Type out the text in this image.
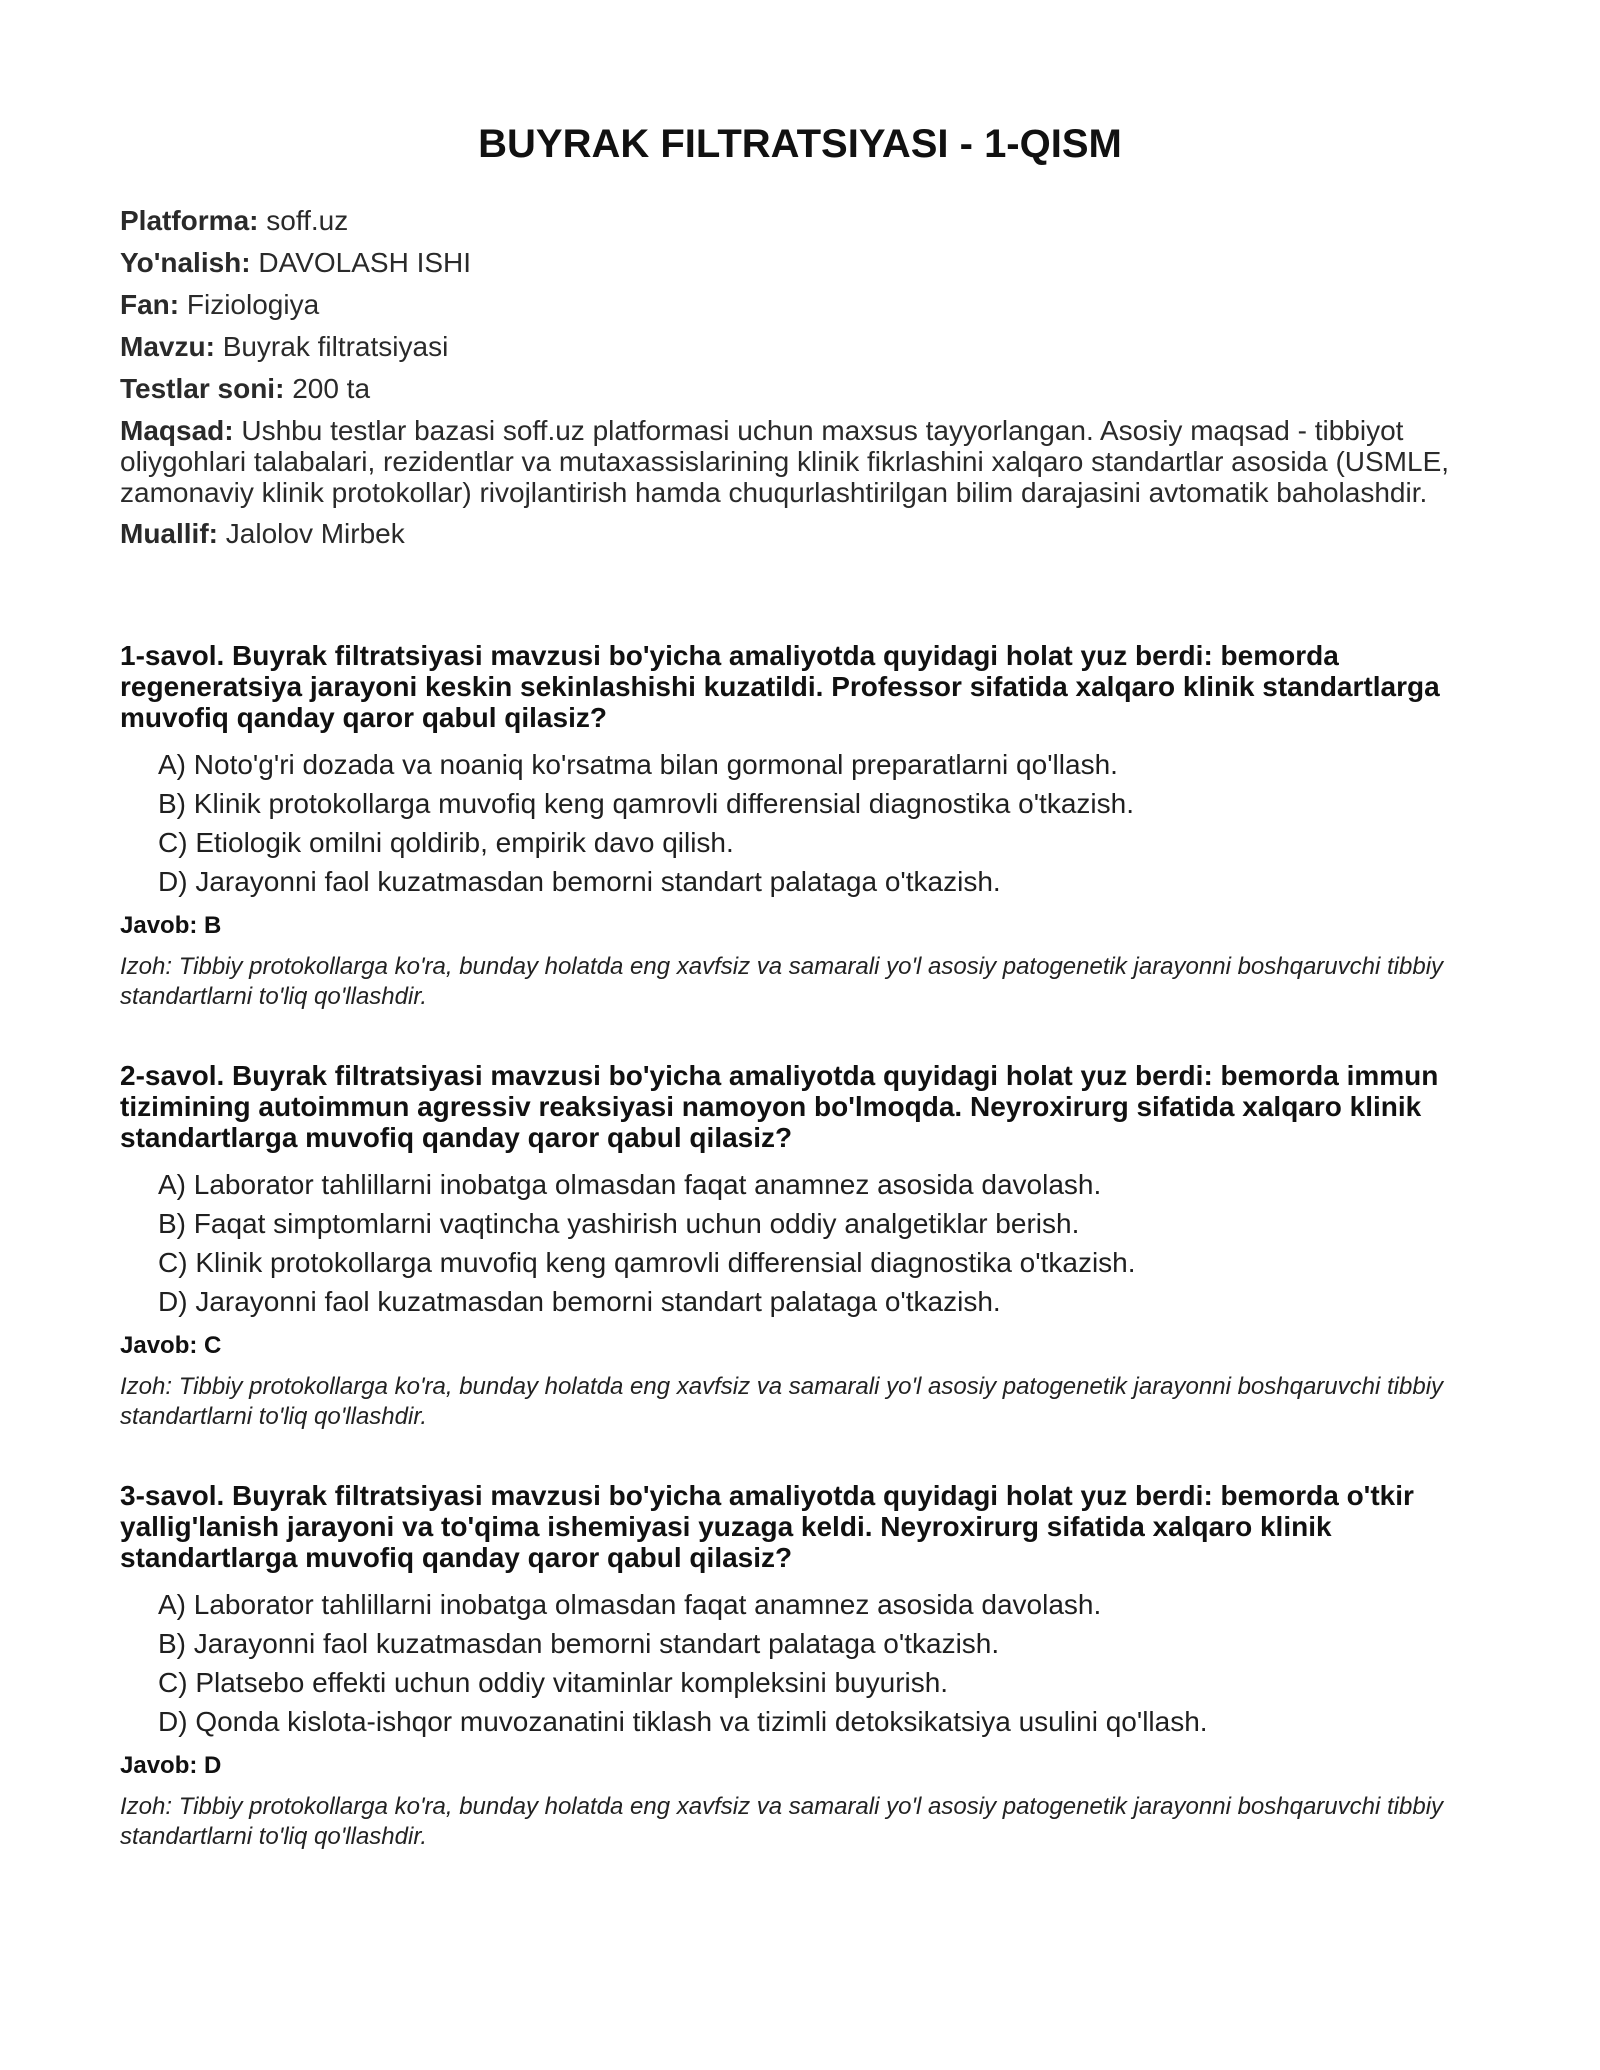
BUYRAK FILTRATSIYASI - 1-QISM

Platforma: soff.uz

Yo'nalish: DAVOLASH ISHI

Fan: Fiziologiya

Mavzu: Buyrak filtratsiyasi

Testlar soni: 200 ta

Maqsad: Ushbu testlar bazasi soff.uz platformasi uchun maxsus tayyorlangan. Asosiy maqsad - tibbiyot oliygohlari talabalari, rezidentlar va mutaxassislarining klinik fikrlashini xalqaro standartlar asosida (USMLE, zamonaviy klinik protokollar) rivojlantirish hamda chuqurlashtirilgan bilim darajasini avtomatik baholashdir.

Muallif: Jalolov Mirbek

1-savol. Buyrak filtratsiyasi mavzusi bo'yicha amaliyotda quyidagi holat yuz berdi: bemorda regeneratsiya jarayoni keskin sekinlashishi kuzatildi. Professor sifatida xalqaro klinik standartlarga muvofiq qanday qaror qabul qilasiz?

A) Noto'g'ri dozada va noaniq ko'rsatma bilan gormonal preparatlarni qo'llash.
B) Klinik protokollarga muvofiq keng qamrovli differensial diagnostika o'tkazish.
C) Etiologik omilni qoldirib, empirik davo qilish.
D) Jarayonni faol kuzatmasdan bemorni standart palataga o'tkazish.

Javob: B

Izoh: Tibbiy protokollarga ko'ra, bunday holatda eng xavfsiz va samarali yo'l asosiy patogenetik jarayonni boshqaruvchi tibbiy standartlarni to'liq qo'llashdir.

2-savol. Buyrak filtratsiyasi mavzusi bo'yicha amaliyotda quyidagi holat yuz berdi: bemorda immun tizimining autoimmun agressiv reaksiyasi namoyon bo'lmoqda. Neyroxirurg sifatida xalqaro klinik standartlarga muvofiq qanday qaror qabul qilasiz?

A) Laborator tahlillarni inobatga olmasdan faqat anamnez asosida davolash.
B) Faqat simptomlarni vaqtincha yashirish uchun oddiy analgetiklar berish.
C) Klinik protokollarga muvofiq keng qamrovli differensial diagnostika o'tkazish.
D) Jarayonni faol kuzatmasdan bemorni standart palataga o'tkazish.

Javob: C

Izoh: Tibbiy protokollarga ko'ra, bunday holatda eng xavfsiz va samarali yo'l asosiy patogenetik jarayonni boshqaruvchi tibbiy standartlarni to'liq qo'llashdir.

3-savol. Buyrak filtratsiyasi mavzusi bo'yicha amaliyotda quyidagi holat yuz berdi: bemorda o'tkir yallig'lanish jarayoni va to'qima ishemiyasi yuzaga keldi. Neyroxirurg sifatida xalqaro klinik standartlarga muvofiq qanday qaror qabul qilasiz?

A) Laborator tahlillarni inobatga olmasdan faqat anamnez asosida davolash.
B) Jarayonni faol kuzatmasdan bemorni standart palataga o'tkazish.
C) Platsebo effekti uchun oddiy vitaminlar kompleksini buyurish.
D) Qonda kislota-ishqor muvozanatini tiklash va tizimli detoksikatsiya usulini qo'llash.

Javob: D

Izoh: Tibbiy protokollarga ko'ra, bunday holatda eng xavfsiz va samarali yo'l asosiy patogenetik jarayonni boshqaruvchi tibbiy standartlarni to'liq qo'llashdir.
